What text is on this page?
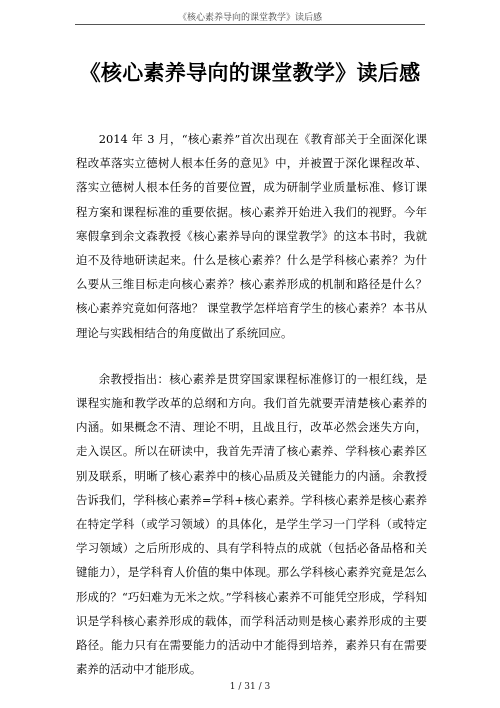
《核心素养导向的课堂教学》读后感
《核心素养导向的课堂教学》读后感

2014 年 3 月，“核心素养”首次出现在《教育部关于全面深化课程改革落实立德树人根本任务的意见》中，并被置于深化课程改革、落实立德树人根本任务的首要位置，成为研制学业质量标准、修订课程方案和课程标准的重要依据。核心素养开始进入我们的视野。今年寒假拿到余文森教授《核心素养导向的课堂教学》的这本书时，我就迫不及待地研读起来。什么是核心素养？什么是学科核心素养？为什么要从三维目标走向核心素养？核心素养形成的机制和路径是什么？核心素养究竟如何落地？ 课堂教学怎样培育学生的核心素养？本书从理论与实践相结合的角度做出了系统回应。

余教授指出：核心素养是贯穿国家课程标准修订的一根红线，是课程实施和教学改革的总纲和方向。我们首先就要弄清楚核心素养的内涵。如果概念不清、理论不明，且战且行，改革必然会迷失方向，走入误区。所以在研读中，我首先弄清了核心素养、学科核心素养区别及联系，明晰了核心素养中的核心品质及关键能力的内涵。余教授告诉我们，学科核心素养=学科+核心素养。学科核心素养是核心素养在特定学科（或学习领域）的具体化，是学生学习一门学科（或特定学习领域）之后所形成的、具有学科特点的成就（包括必备品格和关键能力），是学科育人价值的集中体现。那么学科核心素养究竟是怎么形成的？“巧妇难为无米之炊。”学科核心素养不可能凭空形成，学科知识是学科核心素养形成的载体，而学科活动则是核心素养形成的主要路径。能力只有在需要能力的活动中才能得到培养，素养只有在需要素养的活动中才能形成。

1 / 31 / 3
